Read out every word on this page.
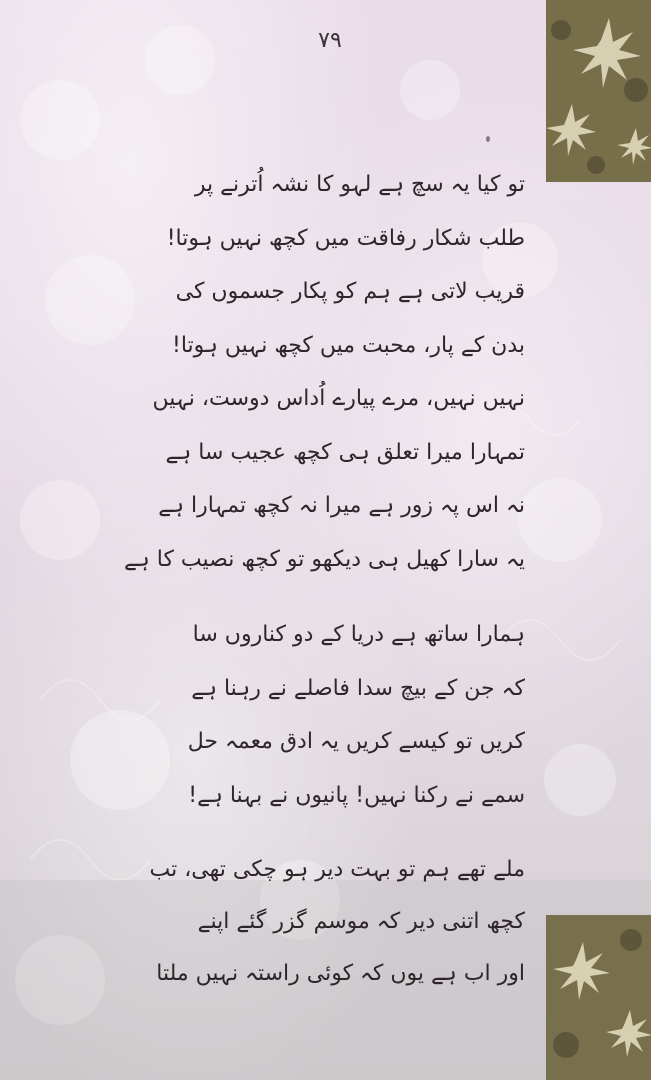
۷۹
تو کیا یہ سچ ہے لہو کا نشہ اُترنے پر
طلب شکار رفاقت میں کچھ نہیں ہوتا!
قریب لاتی ہے ہم کو پکار جسموں کی
بدن کے پار، محبت میں کچھ نہیں ہوتا!
نہیں نہیں، مرے پیارے اُداس دوست، نہیں
تمہارا میرا تعلق ہی کچھ عجیب سا ہے
نہ اس پہ زور ہے میرا نہ کچھ تمہارا ہے
یہ سارا کھیل ہی دیکھو تو کچھ نصیب کا ہے
ہمارا ساتھ ہے دریا کے دو کناروں سا
کہ جن کے بیچ سدا فاصلے نے رہنا ہے
کریں تو کیسے کریں یہ ادق معمہ حل
سمے نے رکنا نہیں! پانیوں نے بہنا ہے!
ملے تھے ہم تو بہت دیر ہو چکی تھی، تب
کچھ اتنی دیر کہ موسم گزر گئے اپنے
اور اب ہے یوں کہ کوئی راستہ نہیں ملتا
